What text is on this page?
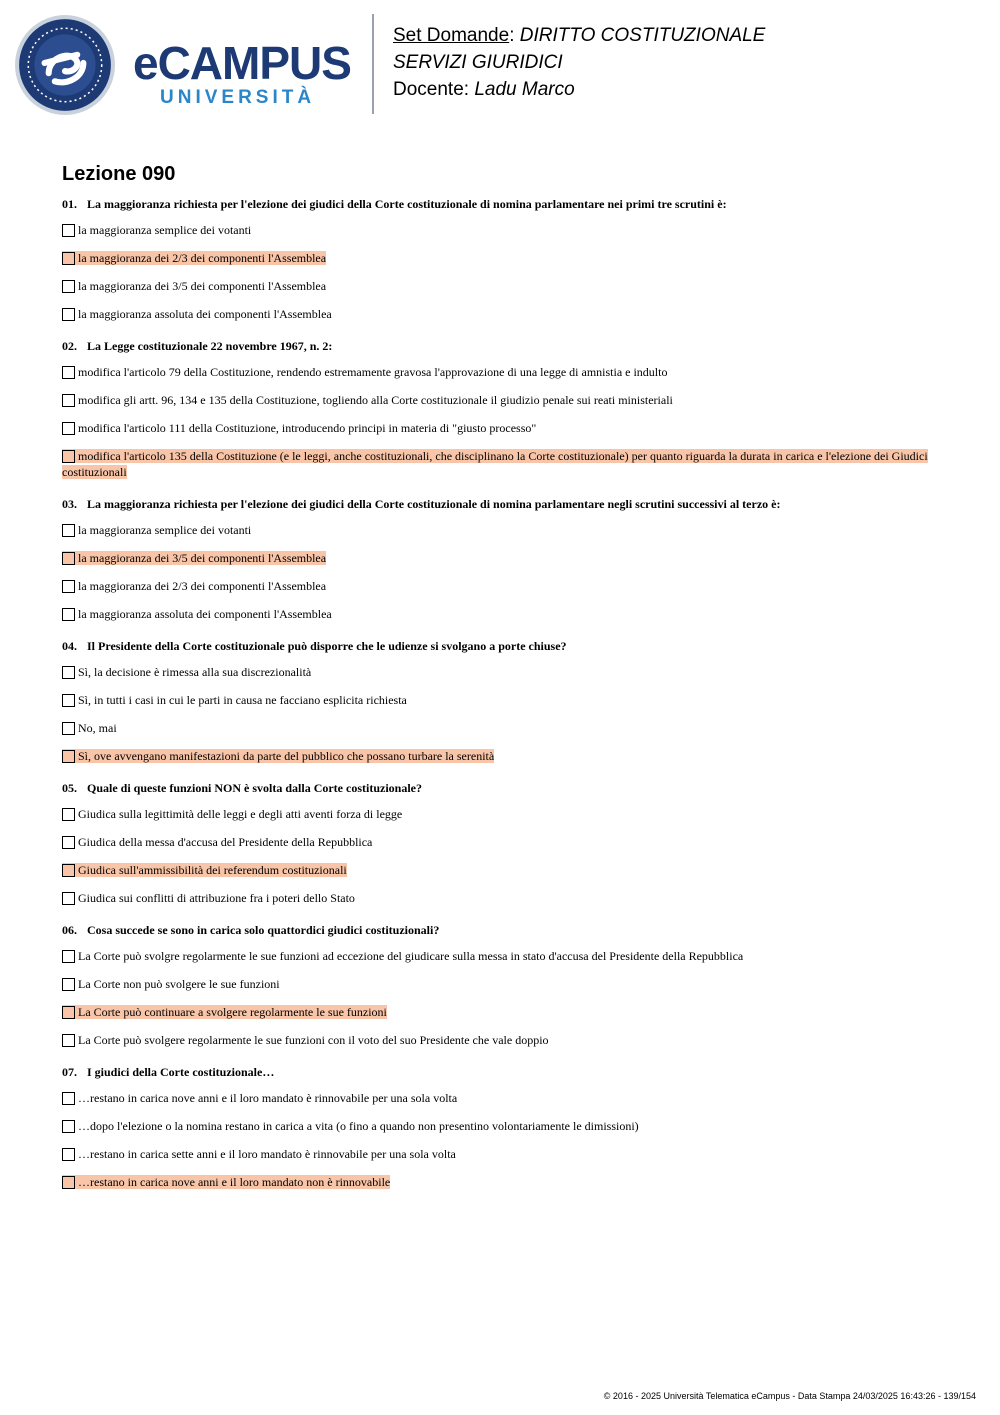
eCAMPUS
UNIVERSITÀ
Set Domande: DIRITTO COSTITUZIONALE
SERVIZI GIURIDICI
Docente: Ladu Marco
Lezione 090
01. La maggioranza richiesta per l'elezione dei giudici della Corte costituzionale di nomina parlamentare nei primi tre scrutini è:
la maggioranza semplice dei votanti
la maggioranza dei 2/3 dei componenti l'Assemblea
la maggioranza dei 3/5 dei componenti l'Assemblea
la maggioranza assoluta dei componenti l'Assemblea
02. La Legge costituzionale 22 novembre 1967, n. 2:
modifica l'articolo 79 della Costituzione, rendendo estremamente gravosa l'approvazione di una legge di amnistia e indulto
modifica gli artt. 96, 134 e 135 della Costituzione, togliendo alla Corte costituzionale il giudizio penale sui reati ministeriali
modifica l'articolo 111 della Costituzione, introducendo principi in materia di "giusto processo"
modifica l'articolo 135 della Costituzione (e le leggi, anche costituzionali, che disciplinano la Corte costituzionale) per quanto riguarda la durata in carica e l'elezione dei Giudici costituzionali
03. La maggioranza richiesta per l'elezione dei giudici della Corte costituzionale di nomina parlamentare negli scrutini successivi al terzo è:
la maggioranza semplice dei votanti
la maggioranza dei 3/5 dei componenti l'Assemblea
la maggioranza dei 2/3 dei componenti l'Assemblea
la maggioranza assoluta dei componenti l'Assemblea
04. Il Presidente della Corte costituzionale può disporre che le udienze si svolgano a porte chiuse?
Sì, la decisione è rimessa alla sua discrezionalità
Sì, in tutti i casi in cui le parti in causa ne facciano esplicita richiesta
No, mai
Sì, ove avvengano manifestazioni da parte del pubblico che possano turbare la serenità
05. Quale di queste funzioni NON è svolta dalla Corte costituzionale?
Giudica sulla legittimità delle leggi e degli atti aventi forza di legge
Giudica della messa d'accusa del Presidente della Repubblica
Giudica sull'ammissibilità dei referendum costituzionali
Giudica sui conflitti di attribuzione fra i poteri dello Stato
06. Cosa succede se sono in carica solo quattordici giudici costituzionali?
La Corte può svolgre regolarmente le sue funzioni ad eccezione del giudicare sulla messa in stato d'accusa del Presidente della Repubblica
La Corte non può svolgere le sue funzioni
La Corte può continuare a svolgere regolarmente le sue funzioni
La Corte può svolgere regolarmente le sue funzioni con il voto del suo Presidente che vale doppio
07. I giudici della Corte costituzionale…
…restano in carica nove anni e il loro mandato è rinnovabile per una sola volta
…dopo l'elezione o la nomina restano in carica a vita (o fino a quando non presentino volontariamente le dimissioni)
…restano in carica sette anni e il loro mandato è rinnovabile per una sola volta
…restano in carica nove anni e il loro mandato non è rinnovabile
© 2016 - 2025 Università Telematica eCampus - Data Stampa 24/03/2025 16:43:26 - 139/154
